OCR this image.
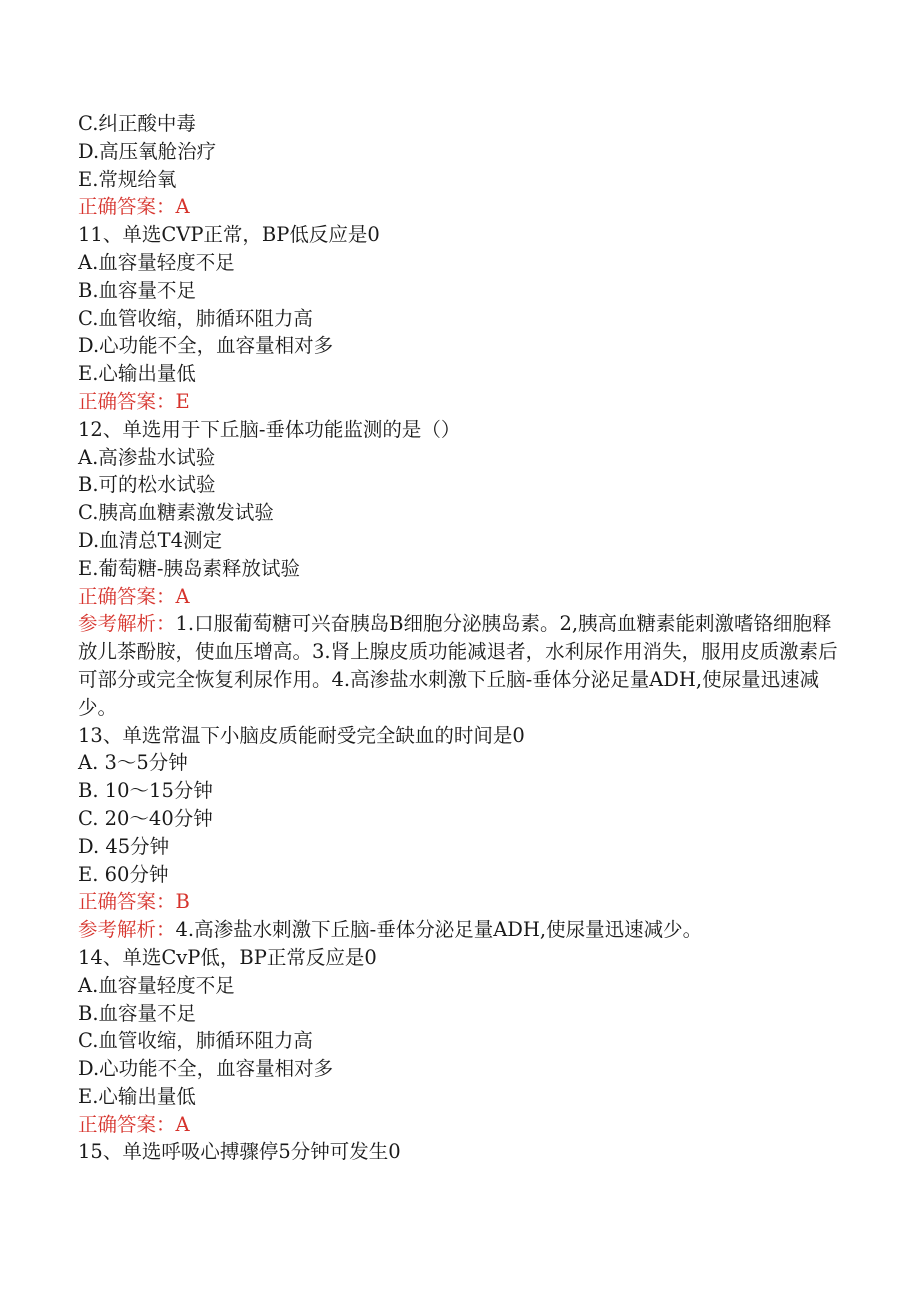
C.纠正酸中毒
D.高压氧舱治疗
E.常规给氧
正确答案：A
11、单选CVP正常，BP低反应是0
A.血容量轻度不足
B.血容量不足
C.血管收缩，肺循环阻力高
D.心功能不全，血容量相对多
E.心输出量低
正确答案：E
12、单选用于下丘脑-垂体功能监测的是（）
A.高渗盐水试验
B.可的松水试验
C.胰高血糖素激发试验
D.血清总T4测定
E.葡萄糖-胰岛素释放试验
正确答案：A
参考解析：1.口服葡萄糖可兴奋胰岛B细胞分泌胰岛素。2,胰高血糖素能刺激嗜铬细胞释放儿茶酚胺，使血压增高。3.肾上腺皮质功能减退者，水利尿作用消失，服用皮质激素后可部分或完全恢复利尿作用。4.高渗盐水刺激下丘脑-垂体分泌足量ADH,使尿量迅速减少。
13、单选常温下小脑皮质能耐受完全缺血的时间是0
A. 3～5分钟
B. 10～15分钟
C. 20～40分钟
D. 45分钟
E. 60分钟
正确答案：B
参考解析：4.高渗盐水刺激下丘脑-垂体分泌足量ADH,使尿量迅速减少。
14、单选CvP低，BP正常反应是0
A.血容量轻度不足
B.血容量不足
C.血管收缩，肺循环阻力高
D.心功能不全，血容量相对多
E.心输出量低
正确答案：A
15、单选呼吸心搏骤停5分钟可发生0
